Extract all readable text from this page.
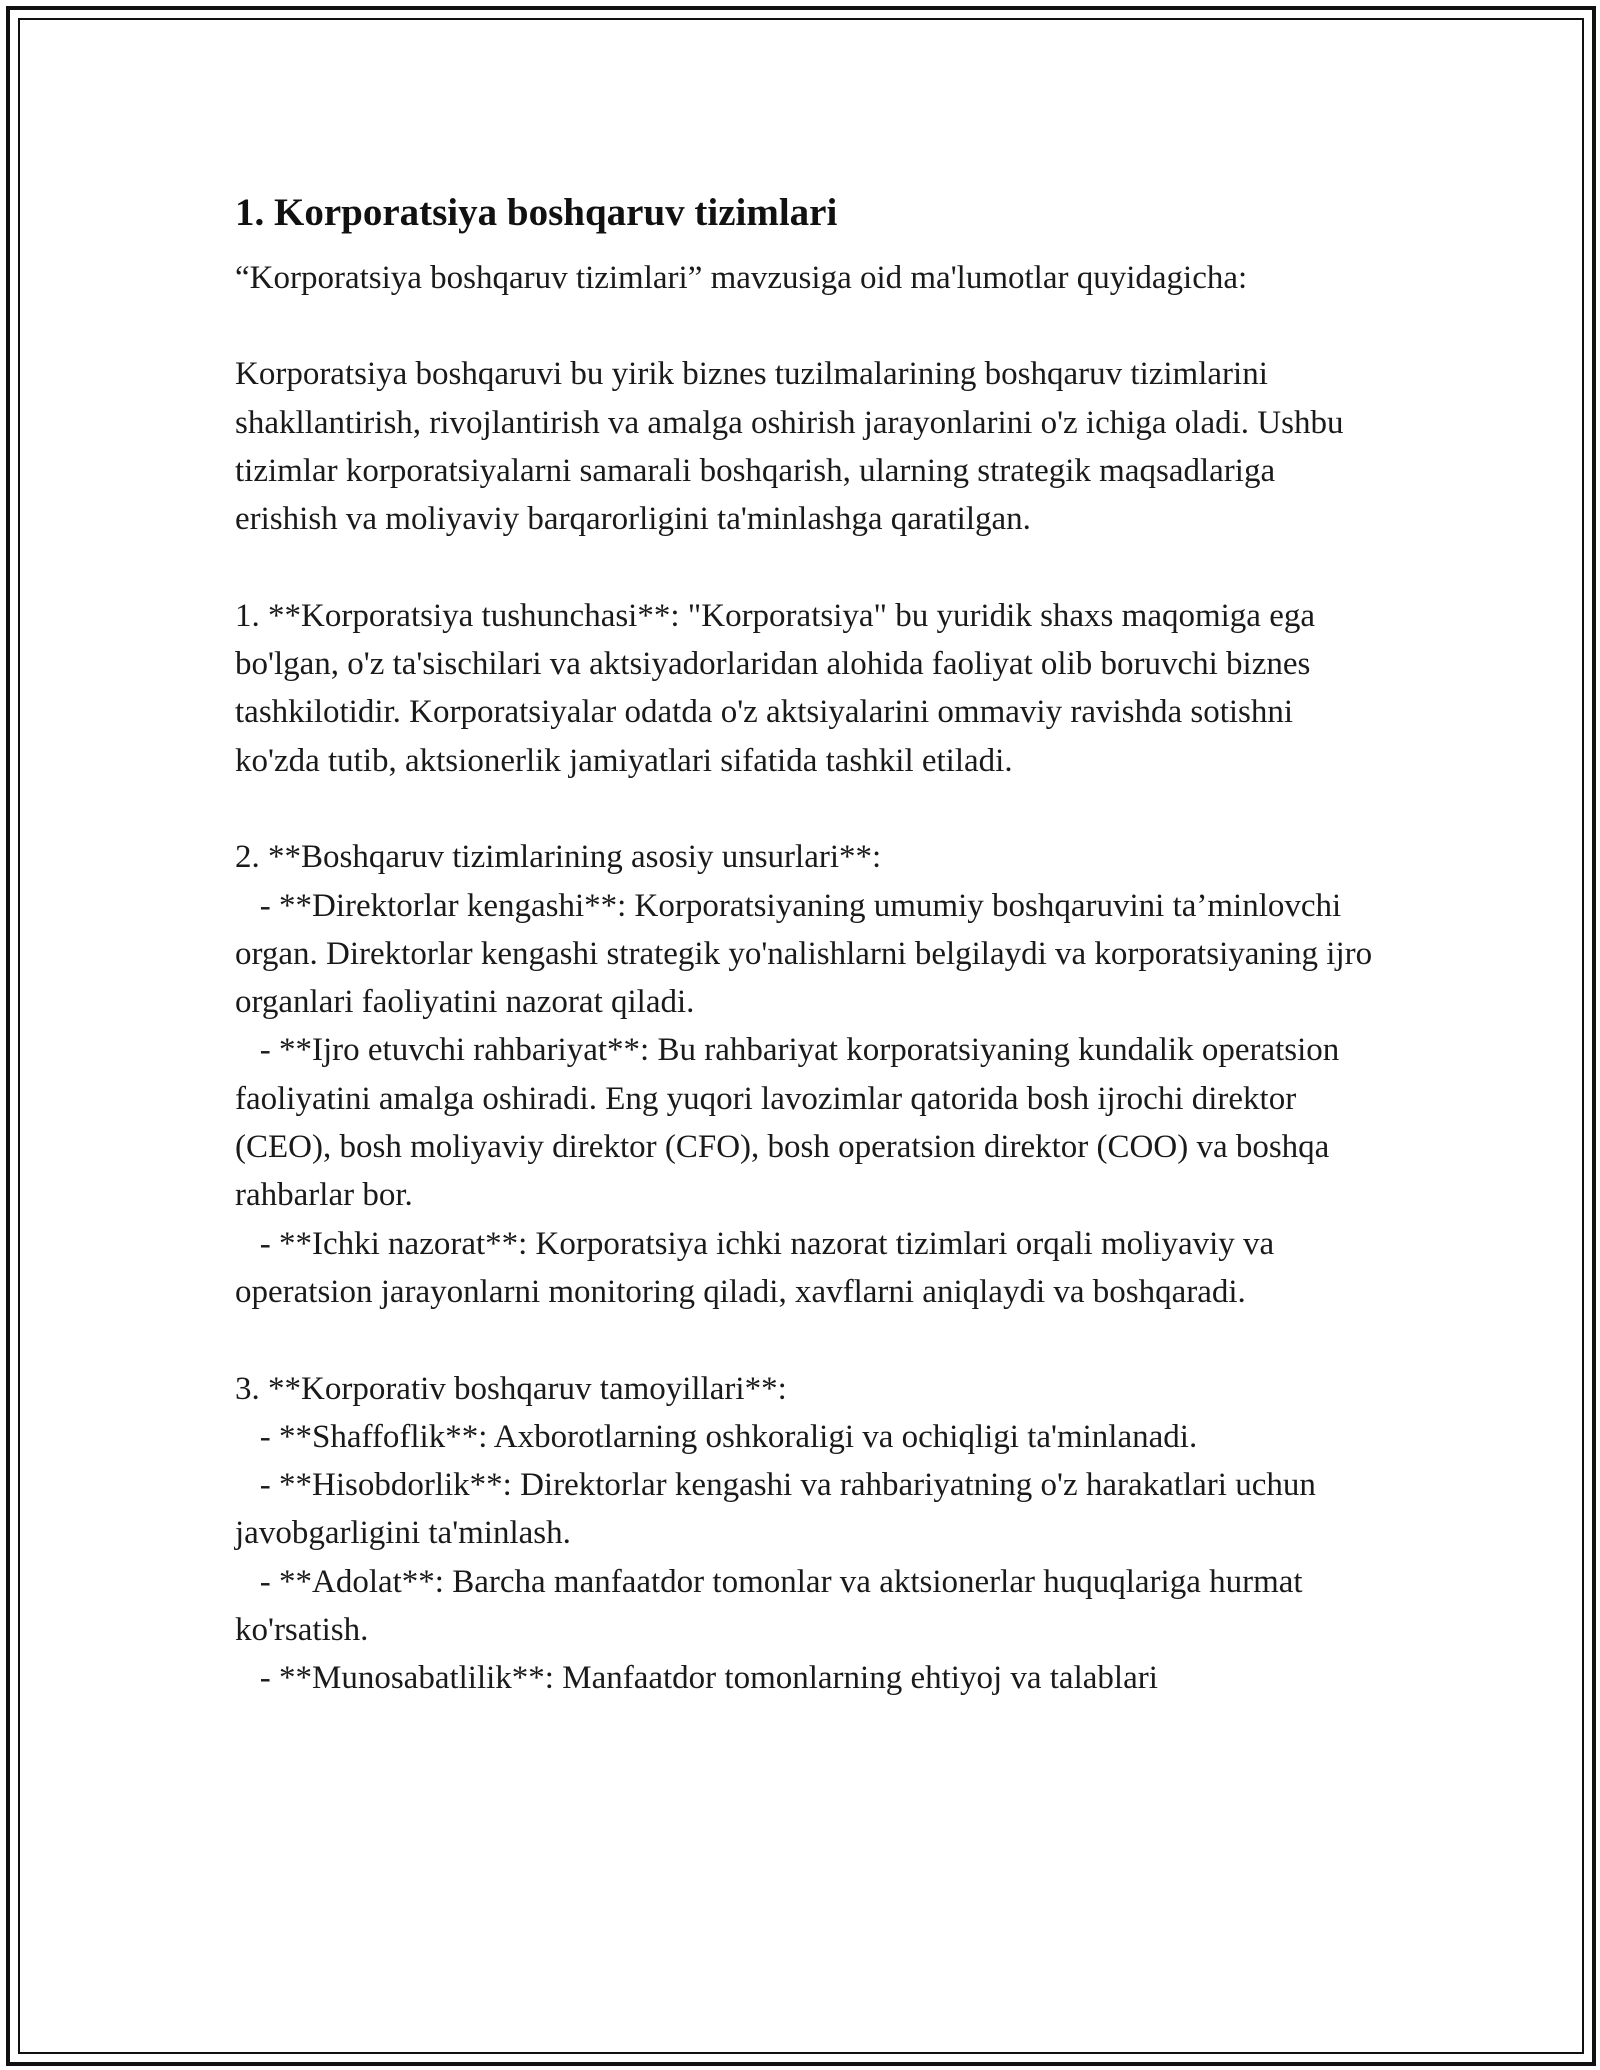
1. Korporatsiya boshqaruv tizimlari

“Korporatsiya boshqaruv tizimlari” mavzusiga oid ma'lumotlar quyidagicha:

Korporatsiya boshqaruvi bu yirik biznes tuzilmalarining boshqaruv tizimlarini shakllantirish, rivojlantirish va amalga oshirish jarayonlarini o'z ichiga oladi. Ushbu tizimlar korporatsiyalarni samarali boshqarish, ularning strategik maqsadlariga erishish va moliyaviy barqarorligini ta'minlashga qaratilgan.

1. **Korporatsiya tushunchasi**: "Korporatsiya" bu yuridik shaxs maqomiga ega bo'lgan, o'z ta'sischilari va aktsiyadorlaridan alohida faoliyat olib boruvchi biznes tashkilotidir. Korporatsiyalar odatda o'z aktsiyalarini ommaviy ravishda sotishni ko'zda tutib, aktsionerlik jamiyatlari sifatida tashkil etiladi.

2. **Boshqaruv tizimlarining asosiy unsurlari**:

- **Direktorlar kengashi**: Korporatsiyaning umumiy boshqaruvini ta’minlovchi organ. Direktorlar kengashi strategik yo'nalishlarni belgilaydi va korporatsiyaning ijro organlari faoliyatini nazorat qiladi.

- **Ijro etuvchi rahbariyat**: Bu rahbariyat korporatsiyaning kundalik operatsion faoliyatini amalga oshiradi. Eng yuqori lavozimlar qatorida bosh ijrochi direktor (CEO), bosh moliyaviy direktor (CFO), bosh operatsion direktor (COO) va boshqa rahbarlar bor.

- **Ichki nazorat**: Korporatsiya ichki nazorat tizimlari orqali moliyaviy va operatsion jarayonlarni monitoring qiladi, xavflarni aniqlaydi va boshqaradi.

3. **Korporativ boshqaruv tamoyillari**:

- **Shaffoflik**: Axborotlarning oshkoraligi va ochiqligi ta'minlanadi.

- **Hisobdorlik**: Direktorlar kengashi va rahbariyatning o'z harakatlari uchun javobgarligini ta'minlash.

- **Adolat**: Barcha manfaatdor tomonlar va aktsionerlar huquqlariga hurmat ko'rsatish.

- **Munosabatlilik**: Manfaatdor tomonlarning ehtiyoj va talablari
